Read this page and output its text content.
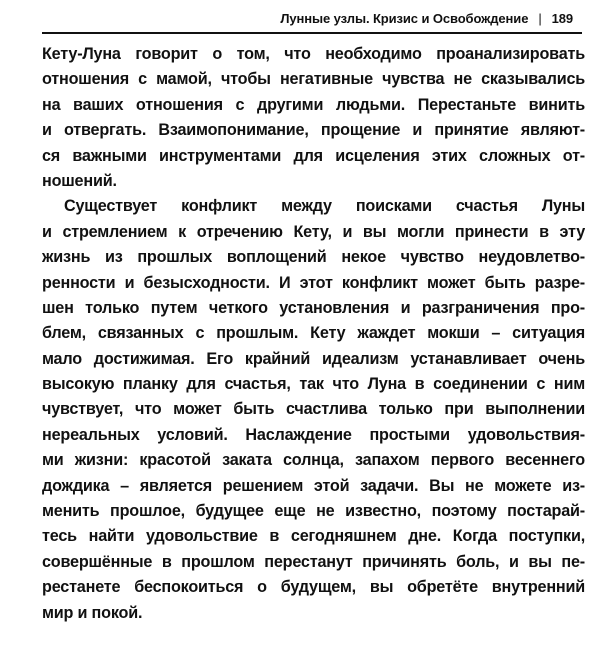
Лунные узлы. Кризис и Освобождение | 189
Кету-Луна говорит о том, что необходимо проанализировать
отношения с мамой, чтобы негативные чувства не сказывались
на ваших отношения с другими людьми. Перестаньте винить
и отвергать. Взаимопонимание, прощение и принятие являют-
ся важными инструментами для исцеления этих сложных от-
ношений.
Существует конфликт между поисками счастья Луны
и стремлением к отречению Кету, и вы могли принести в эту
жизнь из прошлых воплощений некое чувство неудовлетво-
ренности и безысходности. И этот конфликт может быть разре-
шен только путем четкого установления и разграничения про-
блем, связанных с прошлым. Кету жаждет мокши – ситуация
мало достижимая. Его крайний идеализм устанавливает очень
высокую планку для счастья, так что Луна в соединении с ним
чувствует, что может быть счастлива только при выполнении
нереальных условий. Наслаждение простыми удовольствия-
ми жизни: красотой заката солнца, запахом первого весеннего
дождика – является решением этой задачи. Вы не можете из-
менить прошлое, будущее еще не известно, поэтому постарай-
тесь найти удовольствие в сегодняшнем дне. Когда поступки,
совершённые в прошлом перестанут причинять боль, и вы пе-
рестанете беспокоиться о будущем, вы обретёте внутренний
мир и покой.
